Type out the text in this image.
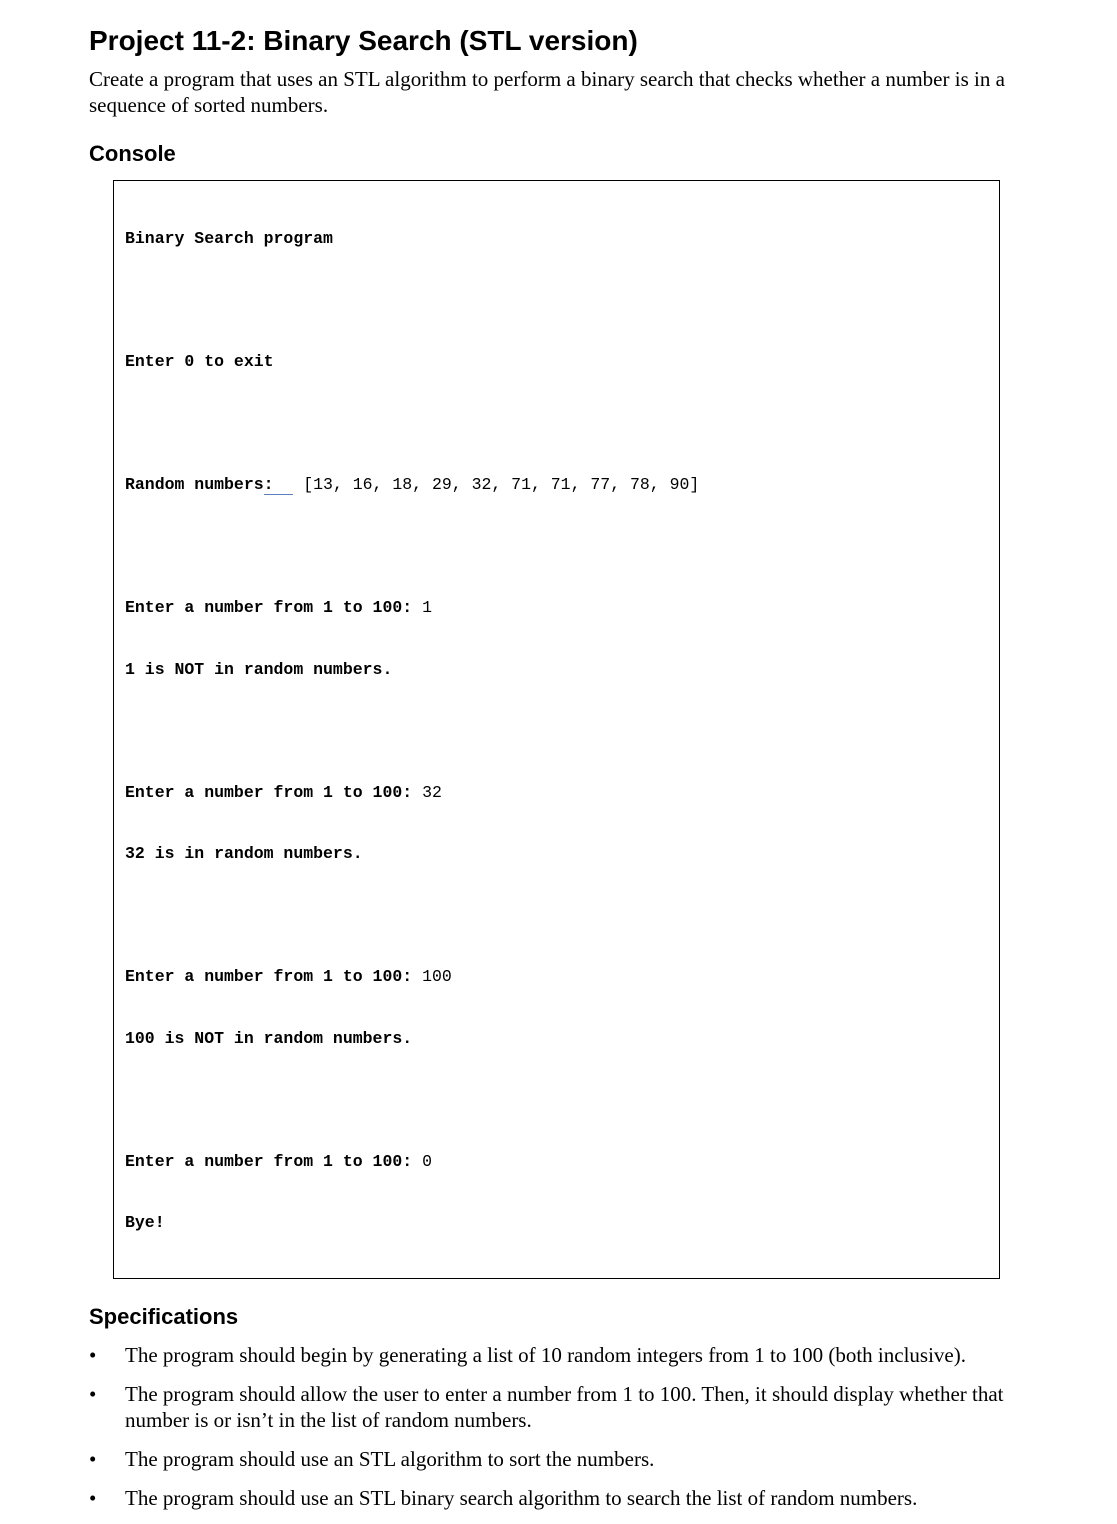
Project 11-2: Binary Search (STL version)

Create a program that uses an STL algorithm to perform a binary search that checks whether a number is in a sequence of sorted numbers.

Console

Binary Search program

Enter 0 to exit

Random numbers:   [13, 16, 18, 29, 32, 71, 71, 77, 78, 90]

Enter a number from 1 to 100: 1

1 is NOT in random numbers.

Enter a number from 1 to 100: 32

32 is in random numbers.

Enter a number from 1 to 100: 100

100 is NOT in random numbers.

Enter a number from 1 to 100: 0

Bye!

Specifications
• The program should begin by generating a list of 10 random integers from 1 to 100 (both inclusive).
• The program should allow the user to enter a number from 1 to 100. Then, it should display whether that number is or isn’t in the list of random numbers.
• The program should use an STL algorithm to sort the numbers.
• The program should use an STL binary search algorithm to search the list of random numbers.
